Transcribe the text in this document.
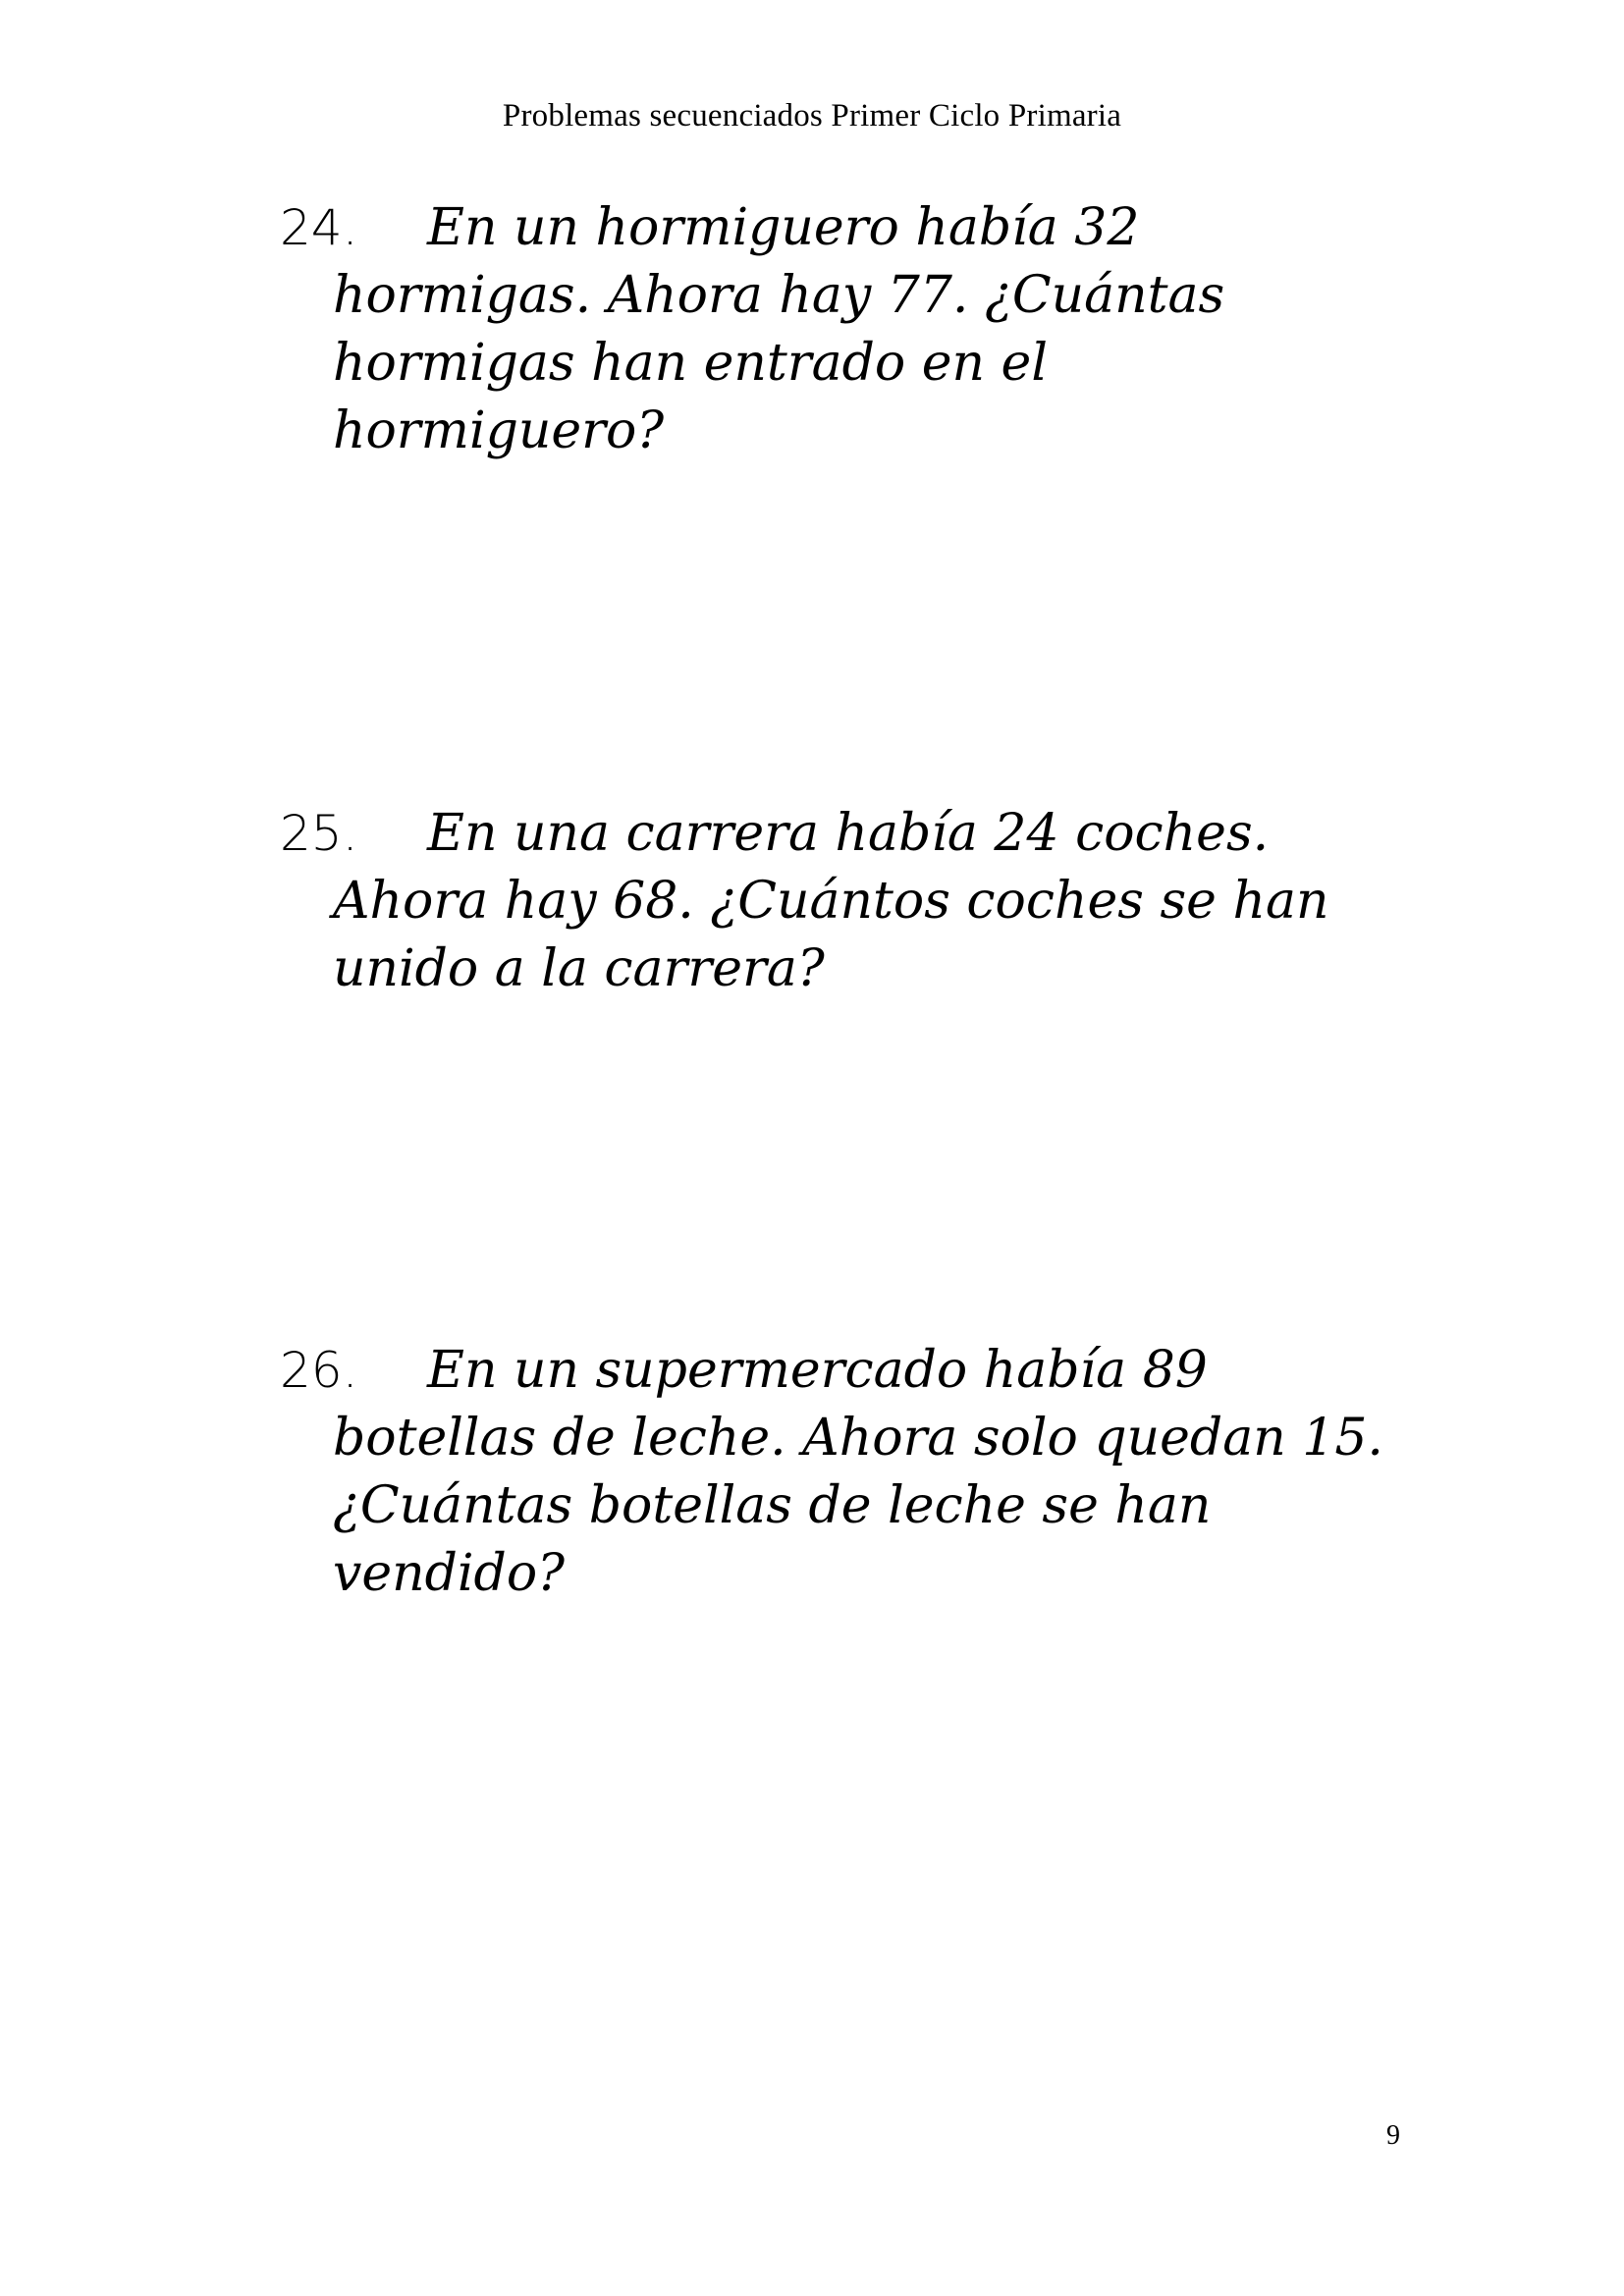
Problemas secuenciados Primer Ciclo Primaria
24. En un hormiguero había 32
hormigas. Ahora hay 77. ¿Cuántas
hormigas han entrado en el
hormiguero?
25. En una carrera había 24 coches.
Ahora hay 68. ¿Cuántos coches se han
unido a la carrera?
26. En un supermercado había 89
botellas de leche. Ahora solo quedan 15.
¿Cuántas botellas de leche se han
vendido?
9
